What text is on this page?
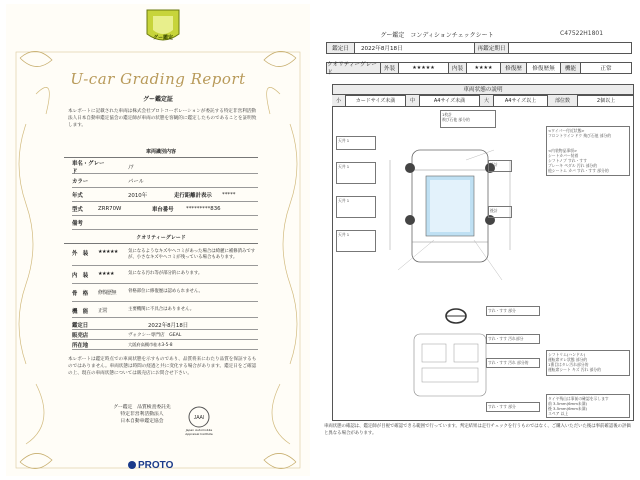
グー鑑定
U-car Grading Report
グー鑑定証
本レポートに記載された車両は株式会社プロトコーポレーションが委託する特定非営利活動法人日本自動車鑑定協会の鑑定師が車両の状態を客観的に鑑定したものであることを証明致します。
車両識別内容
車名・グレード
ﾉｱ
カラー	パール
年式	2010年	走行距離計表示	*****
型式	ZRR70W	車台番号	*********836
備考
クオリティーグレード
外　装	★★★★★	気になるようなキズやヘコミがあった場合は綺麗に補修済みですが、小さなキズやヘコミが残っている場合もあります。
内　装	★★★★	気になる汚れ等が部分的にあります。
骨　格	修復歴無	骨格部位に修復歴は認められません。
機　能	正常	主要機関に不具合はありません。
鑑定日	2022年8月18日
販売店	ヴォクシー専門店　GEAL
所在地	大阪府高槻市桂木3-5-8
本レポートは鑑定時点での車両状態を示すものであり、品質将来にわたり品質を保証するものではありません。車両状態は時間の経過と共に変化する場合があります。鑑定日をご確認の上、現在の車両状態については販売店にお問合せ下さい。
グー鑑定　品質検査委託先
特定非営利活動法人
日本自動車鑑定協会
JAAI
Japan Automobile Appraisal Institute
PROTO
グー鑑定　コンディションチェックシート	C47522H1801
鑑定日	2022年8月18日	再鑑定期日
クオリティーグレード
外装	★★★★★	内装	★★★★	修復歴	修復歴無	機能	正常
車両状態の説明
小	カードサイズ未満	中	A4サイズ未満	大	A4サイズ以上	部位数	2個以上
天井 1
天井 1
天井 1
天井 1
1枚計
飛び石他 部分的
後計
後計
<ワイパー付近状態>
フロントウインドウ 飛び石他 部分的
<内装物品事項>
シートカバー装着
シフトノブ すれ・すす
ブレーキ ペダル 汚れ 部分的
他シートム カバ すれ・すす 部分的
すれ・すす 部分
すれ・すす 汚れ部分
すれ・すす 汚れ 部分的
すれ・すす 部分
シフトリム(ハンドル)
運転席タレ状態 部分的
1番目はタレ汚れ部分的
運転席シート キズ 汚れ 部分的
タイヤ残山は事前の確認を示します
前 3-5mm(6mm未満)
後 3-5mm(6mm未満)
スペア 以上
車両状態の確認は、鑑定師が目視で確認できる範囲で行っています。判定結果は走行チェックを行うものではなく、ご購入いただいた後は事前確認後の評価と異なる場合があります。
